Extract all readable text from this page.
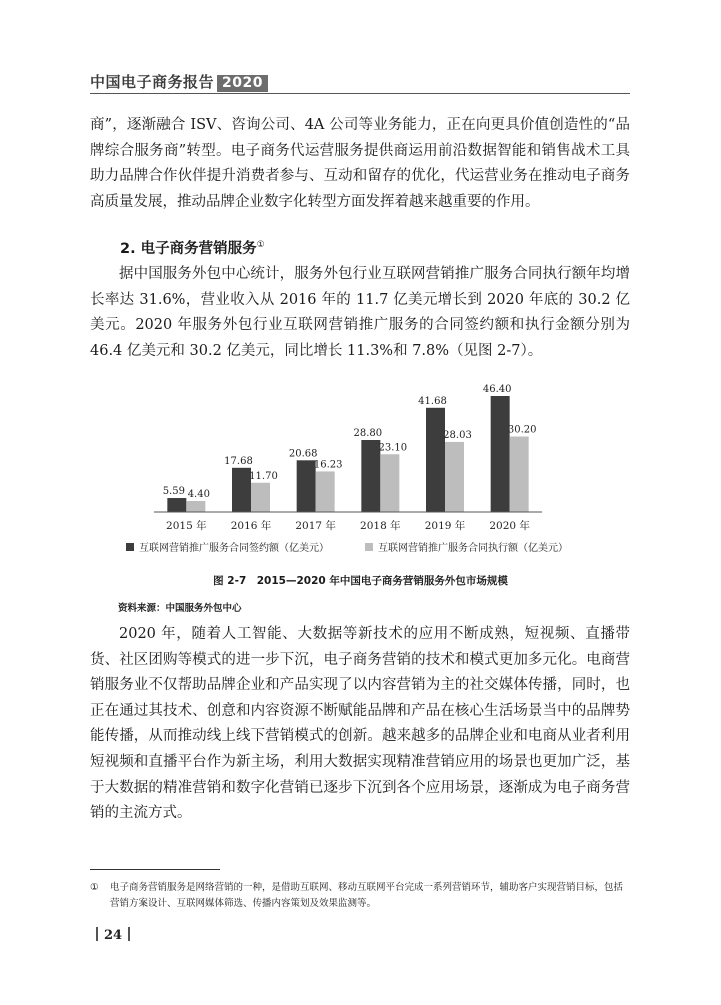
中国电子商务报告 2020

商”，逐渐融合 ISV、咨询公司、4A 公司等业务能力，正在向更具价值创造性的“品牌综合服务商”转型。电子商务代运营服务提供商运用前沿数据智能和销售战术工具助力品牌合作伙伴提升消费者参与、互动和留存的优化，代运营业务在推动电子商务高质量发展，推动品牌企业数字化转型方面发挥着越来越重要的作用。

2. 电子商务营销服务①

据中国服务外包中心统计，服务外包行业互联网营销推广服务合同执行额年均增长率达 31.6%，营业收入从 2016 年的 11.7 亿美元增长到 2020 年底的 30.2 亿美元。2020 年服务外包行业互联网营销推广服务的合同签约额和执行金额分别为 46.4 亿美元和 30.2 亿美元，同比增长 11.3%和 7.8%（见图 2-7）。

5.59 4.40
2015 年
17.68
11.70
2016 年
20.68
16.23
2017 年
28.80
23.10
2018 年
41.68
28.03
2019 年
46.40
30.20
2020 年
互联网营销推广服务合同签约额（亿美元）	互联网营销推广服务合同执行额（亿美元）
图 2-7　2015—2020 年中国电子商务营销服务外包市场规模
资料来源：中国服务外包中心

2020 年，随着人工智能、大数据等新技术的应用不断成熟，短视频、直播带货、社区团购等模式的进一步下沉，电子商务营销的技术和模式更加多元化。电商营销服务业不仅帮助品牌企业和产品实现了以内容营销为主的社交媒体传播，同时，也正在通过其技术、创意和内容资源不断赋能品牌和产品在核心生活场景当中的品牌势能传播，从而推动线上线下营销模式的创新。越来越多的品牌企业和电商从业者利用短视频和直播平台作为新主场，利用大数据实现精准营销应用的场景也更加广泛，基于大数据的精准营销和数字化营销已逐步下沉到各个应用场景，逐渐成为电子商务营销的主流方式。

①	电子商务营销服务是网络营销的一种，是借助互联网、移动互联网平台完成一系列营销环节，辅助客户实现营销目标，包括营销方案设计、互联网媒体筛选、传播内容策划及效果监测等。
24
